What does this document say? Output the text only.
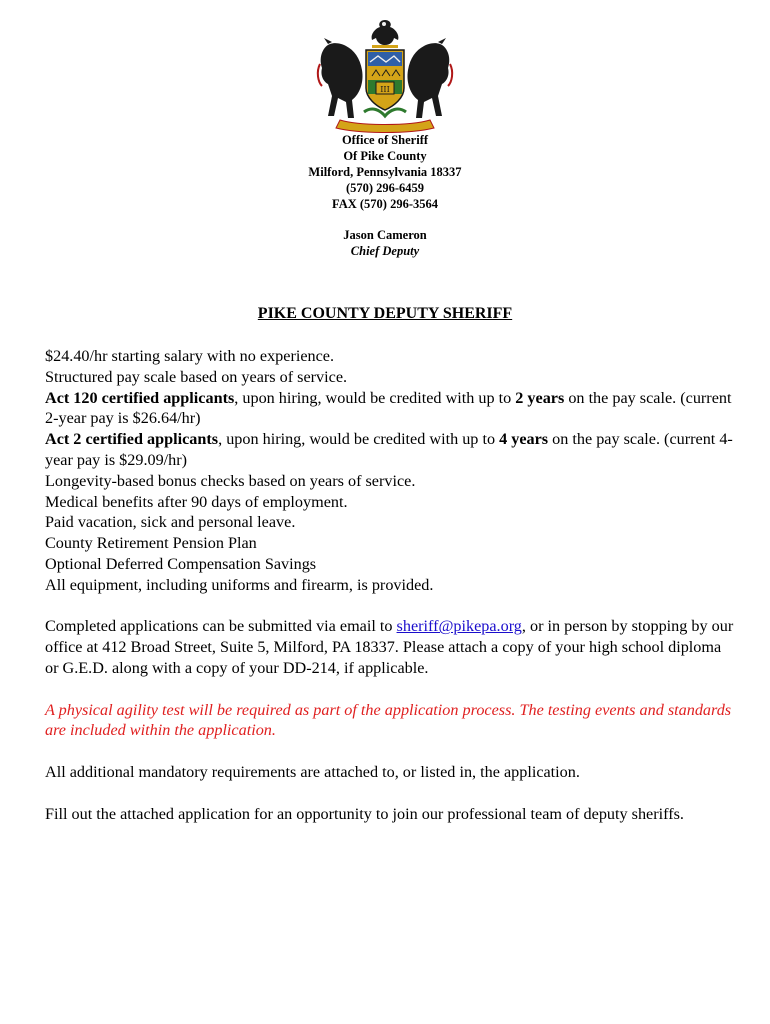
III
Office of Sheriff
Of Pike County
Milford, Pennsylvania 18337
(570) 296-6459
FAX (570) 296-3564
Jason Cameron
Chief Deputy
PIKE COUNTY DEPUTY SHERIFF

$24.40/hr starting salary with no experience.

Structured pay scale based on years of service.

Act 120 certified applicants, upon hiring, would be credited with up to 2 years on the pay scale. (current 2-year pay is $26.64/hr)

Act 2 certified applicants, upon hiring, would be credited with up to 4 years on the pay scale. (current 4-year pay is $29.09/hr)

Longevity-based bonus checks based on years of service.

Medical benefits after 90 days of employment.

Paid vacation, sick and personal leave.

County Retirement Pension Plan

Optional Deferred Compensation Savings

All equipment, including uniforms and firearm, is provided.

Completed applications can be submitted via email to sheriff@pikepa.org, or in person by stopping by our office at 412 Broad Street, Suite 5, Milford, PA 18337. Please attach a copy of your high school diploma or G.E.D. along with a copy of your DD-214, if applicable.

A physical agility test will be required as part of the application process. The testing events and standards are included within the application.

All additional mandatory requirements are attached to, or listed in, the application.

Fill out the attached application for an opportunity to join our professional team of deputy sheriffs.
